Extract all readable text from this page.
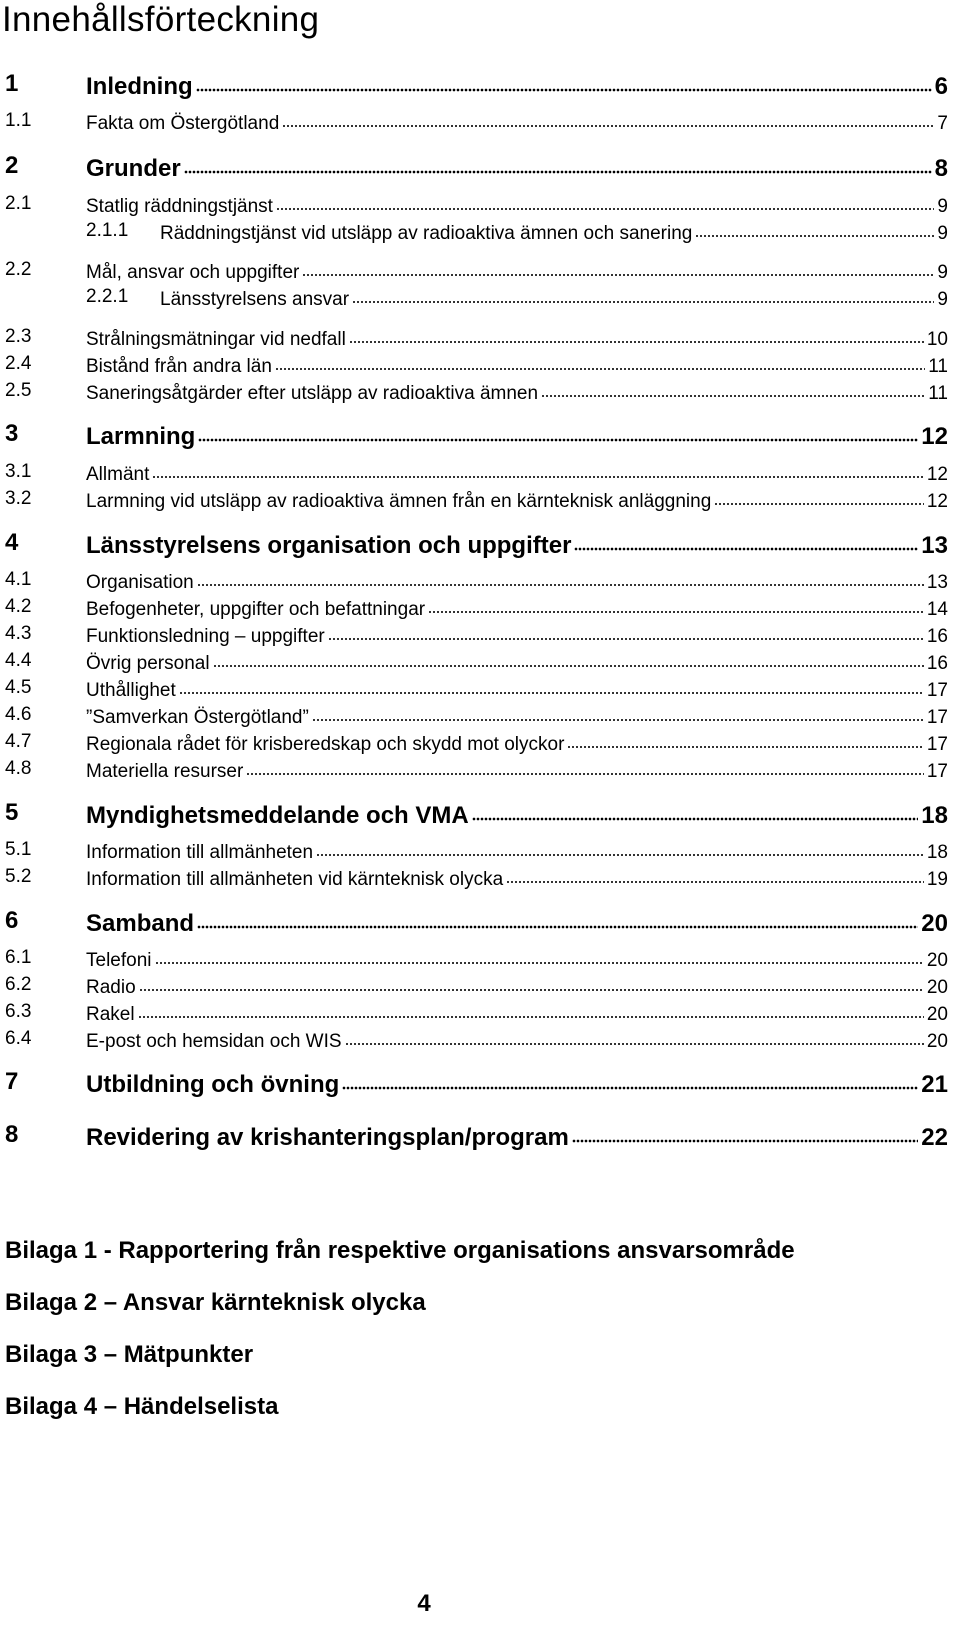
Innehållsförteckning
1	Inledning	6
1.1	Fakta om Östergötland	7
2	Grunder	8
2.1	Statlig räddningstjänst	9
2.1.1 Räddningstjänst vid utsläpp av radioaktiva ämnen och sanering	9
2.2	Mål, ansvar och uppgifter	9
2.2.1 Länsstyrelsens ansvar	9
2.3	Strålningsmätningar vid nedfall	10
2.4	Bistånd från andra län	11
2.5	Saneringsåtgärder efter utsläpp av radioaktiva ämnen	11
3	Larmning	12
3.1	Allmänt	12
3.2	Larmning vid utsläpp av radioaktiva ämnen från en kärnteknisk anläggning	12
4	Länsstyrelsens organisation och uppgifter	13
4.1	Organisation	13
4.2	Befogenheter, uppgifter och befattningar	14
4.3	Funktionsledning – uppgifter	16
4.4	Övrig personal	16
4.5	Uthållighet	17
4.6	”Samverkan Östergötland”	17
4.7	Regionala rådet för krisberedskap och skydd mot olyckor	17
4.8	Materiella resurser	17
5	Myndighetsmeddelande och VMA	18
5.1	Information till allmänheten	18
5.2	Information till allmänheten vid kärnteknisk olycka	19
6	Samband	20
6.1	Telefoni	20
6.2	Radio	20
6.3	Rakel	20
6.4	E-post och hemsidan och WIS	20
7	Utbildning och övning	21
8	Revidering av krishanteringsplan/program	22
Bilaga 1 - Rapportering från respektive organisations ansvarsområde
Bilaga 2 – Ansvar kärnteknisk olycka
Bilaga 3 – Mätpunkter
Bilaga 4 – Händelselista
4
